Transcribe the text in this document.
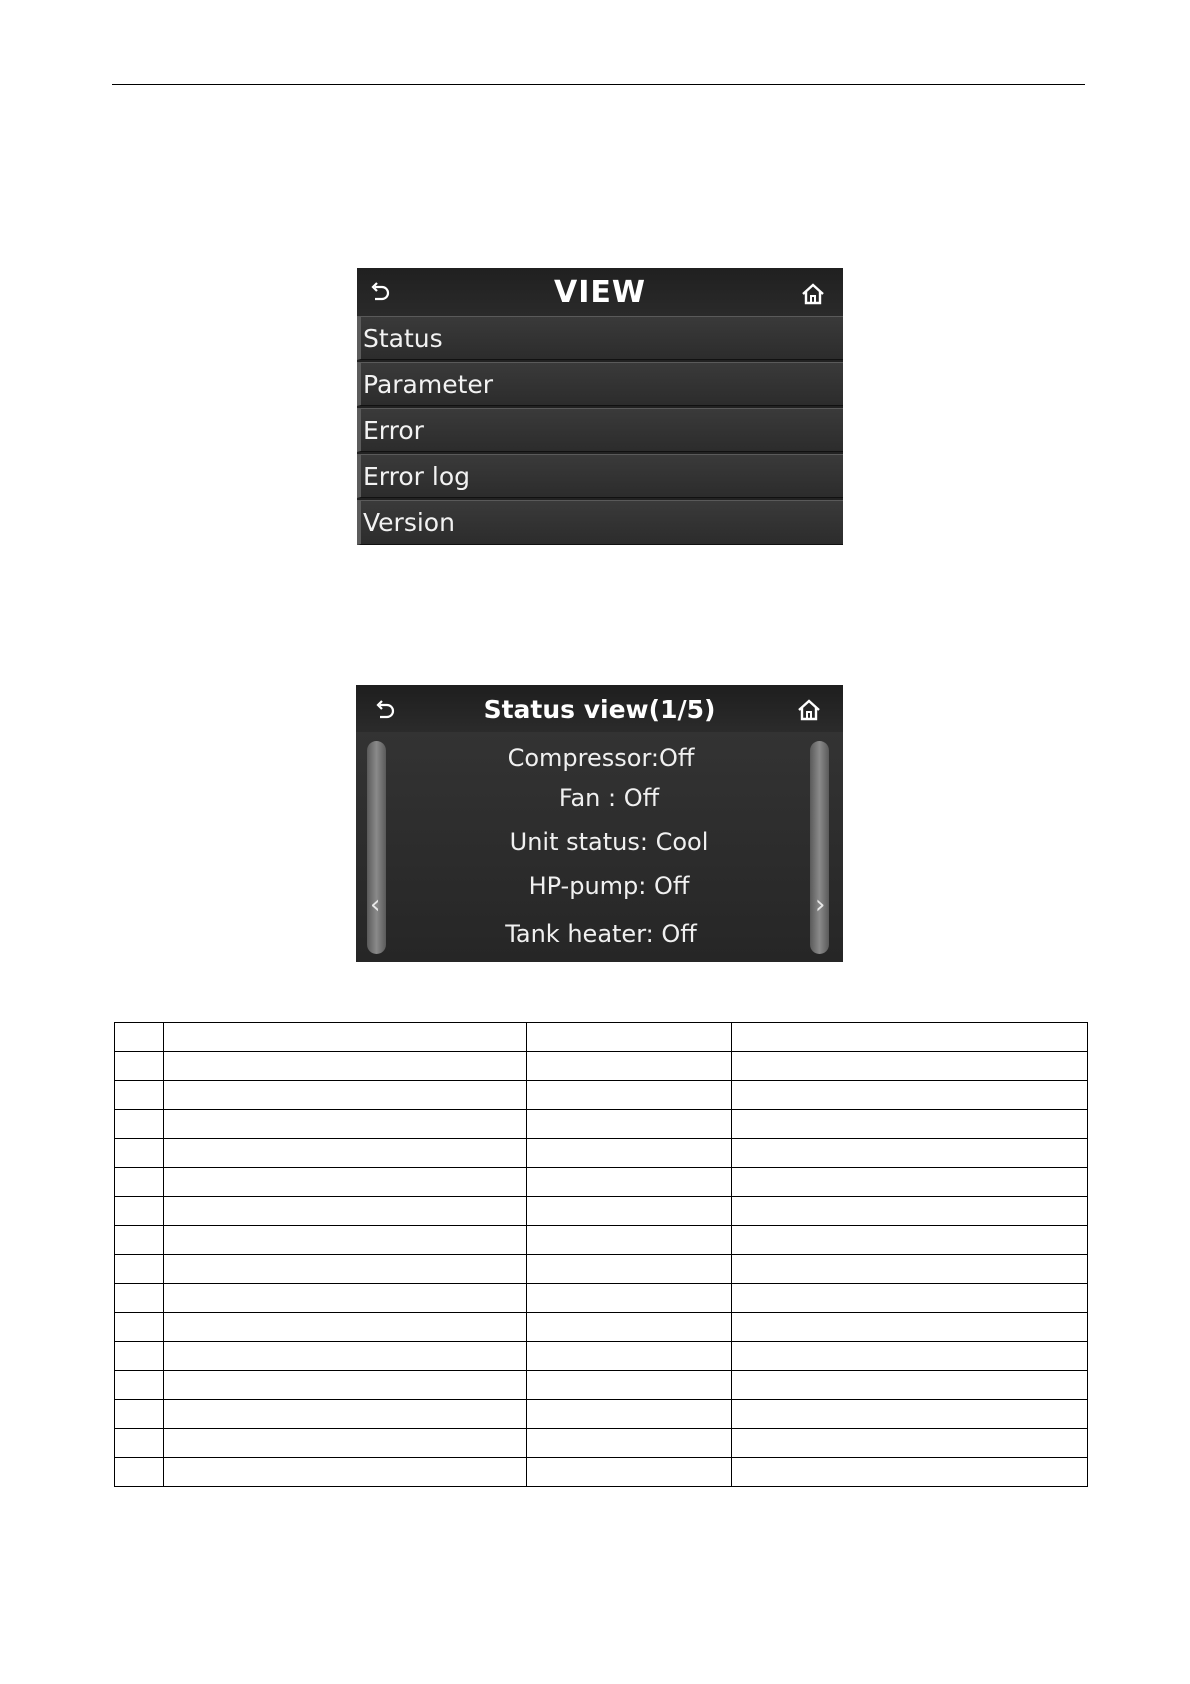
VIEW
Status
Parameter
Error
Error log
Version
Status view(1/5)
‹	›
Compressor:Off
Fan : Off
Unit status: Cool
HP-pump: Off
Tank heater: Off
